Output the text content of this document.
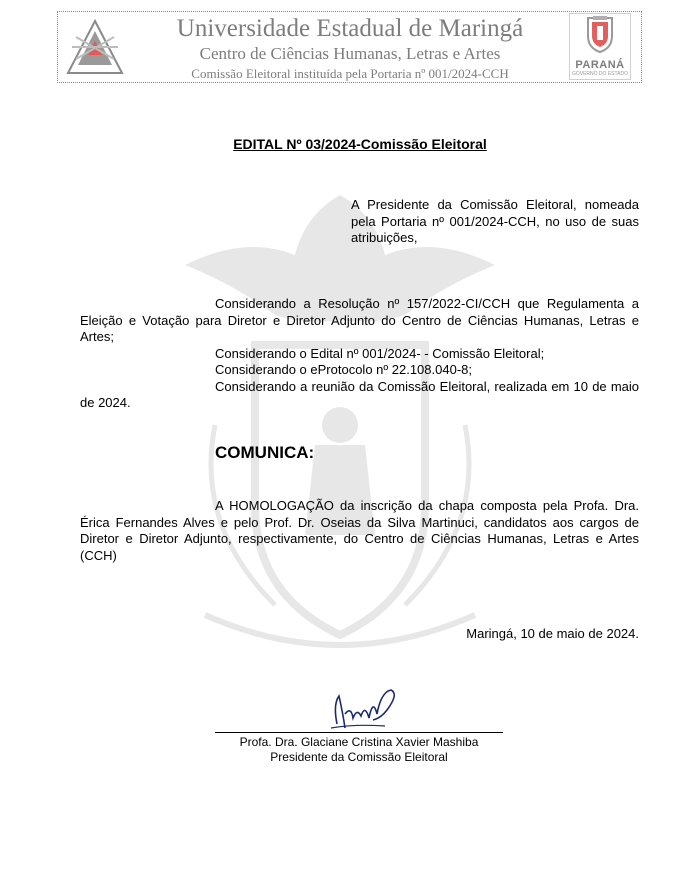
Universidade Estadual de Maringá
Centro de Ciências Humanas, Letras e Artes
Comissão Eleitoral instituída pela Portaria nº 001/2024-CCH
PARANÁ
GOVERNO DO ESTADO
EDITAL Nº 03/2024-Comissão Eleitoral
A Presidente da Comissão Eleitoral, nomeada pela Portaria nº 001/2024-CCH, no uso de suas atribuições,

Considerando a Resolução nº 157/2022-CI/CCH que Regulamenta a Eleição e Votação para Diretor e Diretor Adjunto do Centro de Ciências Humanas, Letras e Artes;

Considerando o Edital nº 001/2024- - Comissão Eleitoral;

Considerando o eProtocolo nº 22.108.040-8;

Considerando a reunião da Comissão Eleitoral, realizada em 10 de maio de 2024.

COMUNICA:

A HOMOLOGAÇÃO da inscrição da chapa composta pela Profa. Dra. Érica Fernandes Alves e pelo Prof. Dr. Oseias da Silva Martinuci, candidatos aos cargos de Diretor e Diretor Adjunto, respectivamente, do Centro de Ciências Humanas, Letras e Artes (CCH)

Maringá, 10 de maio de 2024.
Profa. Dra. Glaciane Cristina Xavier Mashiba
Presidente da Comissão Eleitoral
